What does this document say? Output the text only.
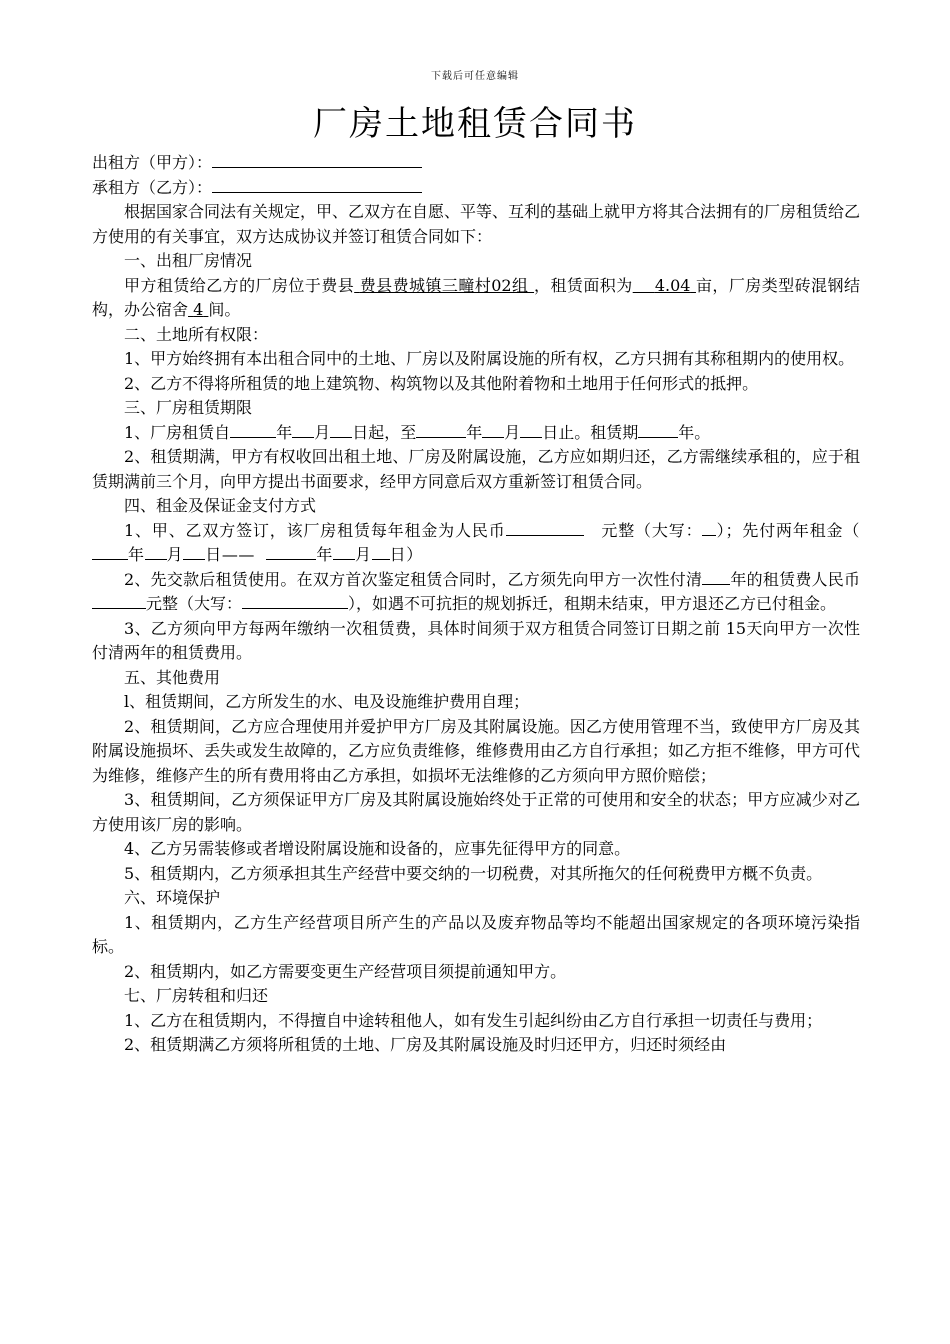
下载后可任意编辑
厂房土地租赁合同书

出租方（甲方）：

承租方（乙方）：

根据国家合同法有关规定，甲、乙双方在自愿、平等、互利的基础上就甲方将其合法拥有的厂房租赁给乙方使用的有关事宜，双方达成协议并签订租赁合同如下：

一、出租厂房情况

甲方租赁给乙方的厂房位于费县 费县费城镇三疃村02组 ，租赁面积为 4.04 亩，厂房类型砖混钢结构，办公宿舍 4 间。

二、土地所有权限：

1、甲方始终拥有本出租合同中的土地、厂房以及附属设施的所有权，乙方只拥有其称租期内的使用权。

2、乙方不得将所租赁的地上建筑物、构筑物以及其他附着物和土地用于任何形式的抵押。

三、厂房租赁期限

1、厂房租赁自	年 月 日起，至	年 月 日止。租赁期	年。

2、租赁期满，甲方有权收回出租土地、厂房及附属设施，乙方应如期归还，乙方需继续承租的，应于租赁期满前三个月，向甲方提出书面要求，经甲方同意后双方重新签订租赁合同。

四、租金及保证金支付方式

1、甲、乙双方签订，该厂房租赁每年租金为人民币	元整（大写： ）；先付两年租金（年 月 日——	年 月 日）

2、先交款后租赁使用。在双方首次鉴定租赁合同时，乙方须先向甲方一次性付清 年的租赁费人民币元整（大写：	），如遇不可抗拒的规划拆迁，租期未结束，甲方退还乙方已付租金。

3、乙方须向甲方每两年缴纳一次租赁费，具体时间须于双方租赁合同签订日期之前 15天向甲方一次性付清两年的租赁费用。

五、其他费用

l、租赁期间，乙方所发生的水、电及设施维护费用自理；

2、租赁期间，乙方应合理使用并爱护甲方厂房及其附属设施。因乙方使用管理不当，致使甲方厂房及其附属设施损坏、丢失或发生故障的，乙方应负责维修，维修费用由乙方自行承担；如乙方拒不维修，甲方可代为维修，维修产生的所有费用将由乙方承担，如损坏无法维修的乙方须向甲方照价赔偿；

3、租赁期间，乙方须保证甲方厂房及其附属设施始终处于正常的可使用和安全的状态；甲方应减少对乙方使用该厂房的影响。

4、乙方另需装修或者增设附属设施和设备的，应事先征得甲方的同意。

5、租赁期内，乙方须承担其生产经营中要交纳的一切税费，对其所拖欠的任何税费甲方概不负责。

六、环境保护

1、租赁期内，乙方生产经营项目所产生的产品以及废弃物品等均不能超出国家规定的各项环境污染指标。

2、租赁期内，如乙方需要变更生产经营项目须提前通知甲方。

七、厂房转租和归还

1、乙方在租赁期内，不得擅自中途转租他人，如有发生引起纠纷由乙方自行承担一切责任与费用；

2、租赁期满乙方须将所租赁的土地、厂房及其附属设施及时归还甲方，归还时须经由
